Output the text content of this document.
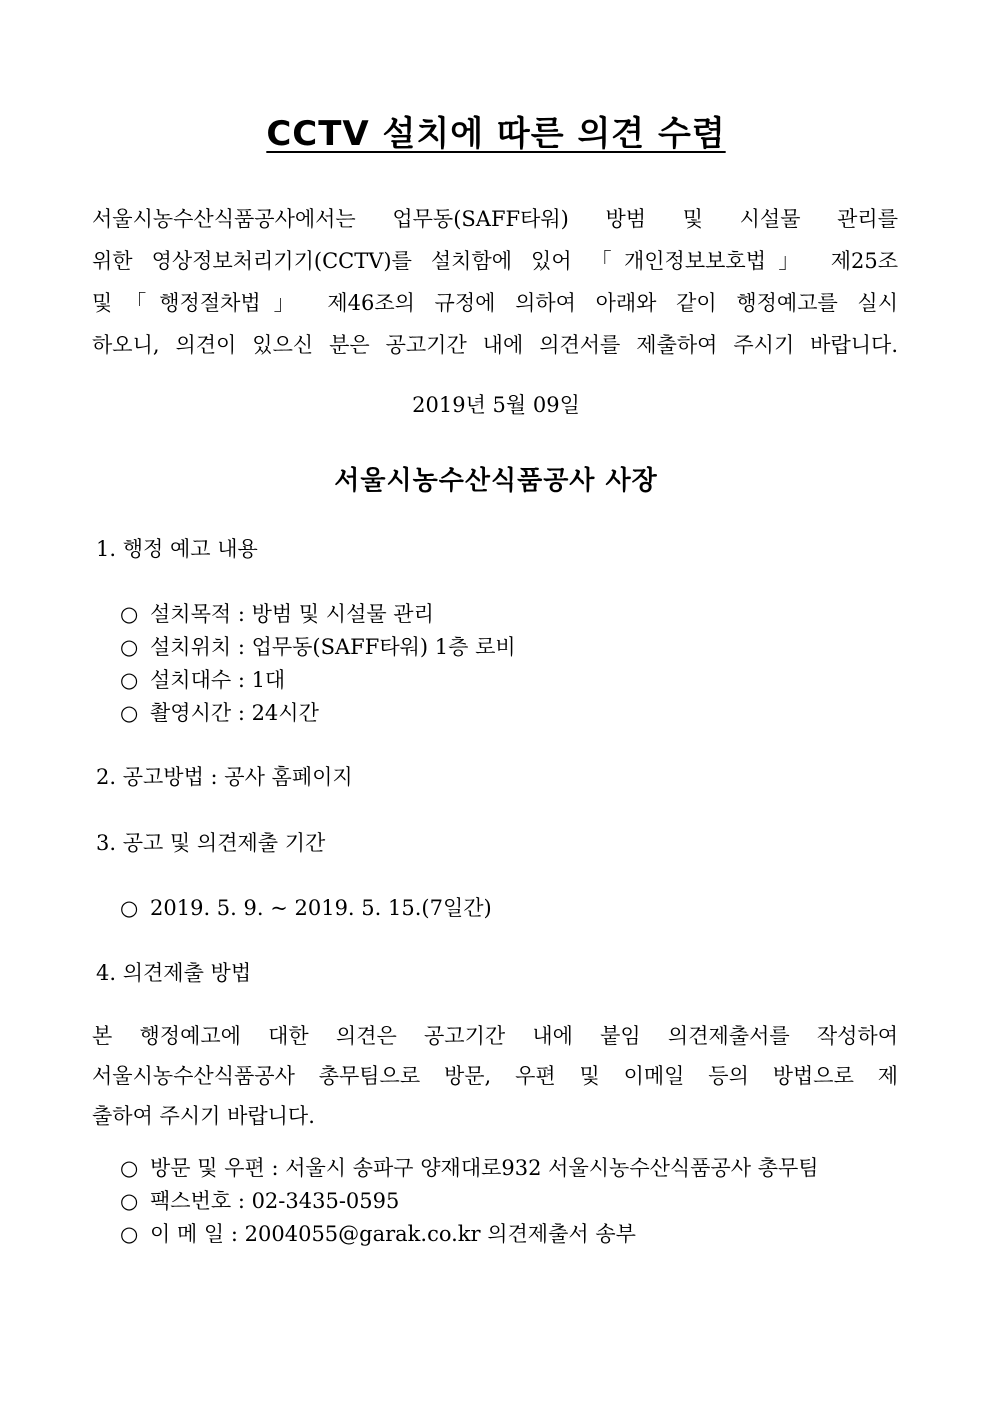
CCTV 설치에 따른 의견 수렴
서울시농수산식품공사에서는 업무동(SAFF타워) 방범 및 시설물 관리를
위한 영상정보처리기기(CCTV)를 설치함에 있어 「개인정보보호법」 제25조
및「행정절차법」 제46조의 규정에 의하여 아래와 같이 행정예고를 실시
하오니, 의견이 있으신 분은 공고기간 내에 의견서를 제출하여 주시기 바랍니다.
2019년 5월 09일
서울시농수산식품공사 사장
1. 행정 예고 내용
○ 설치목적 : 방범 및 시설물 관리
○ 설치위치 : 업무동(SAFF타워) 1층 로비
○ 설치대수 : 1대
○ 촬영시간 : 24시간
2. 공고방법 : 공사 홈페이지
3. 공고 및 의견제출 기간
○ 2019. 5. 9. ~ 2019. 5. 15.(7일간)
4. 의견제출 방법
본 행정예고에 대한 의견은 공고기간 내에 붙임 의견제출서를 작성하여
서울시농수산식품공사 총무팀으로 방문, 우편 및 이메일 등의 방법으로 제
출하여 주시기 바랍니다.
○ 방문 및 우편 : 서울시 송파구 양재대로932 서울시농수산식품공사 총무팀
○ 팩스번호 : 02-3435-0595
○ 이 메 일 : 2004055@garak.co.kr 의견제출서 송부
